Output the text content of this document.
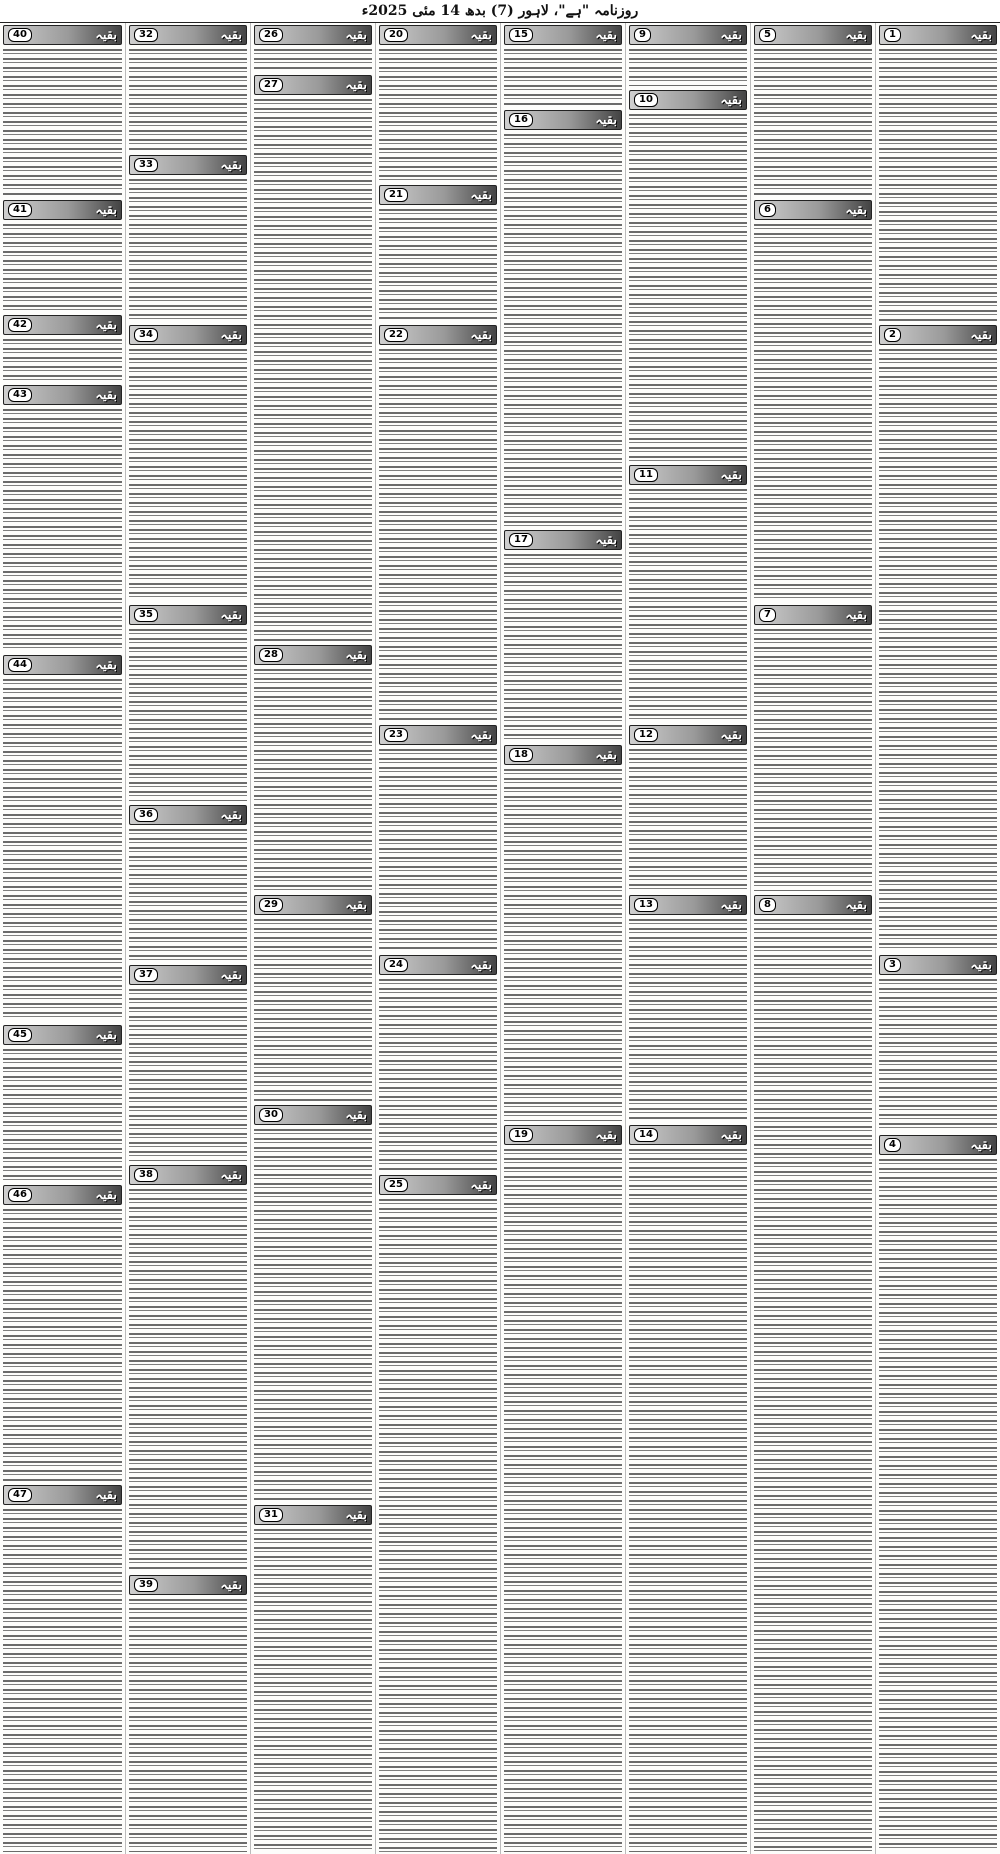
روزنامہ "ہے"، لاہور (7) بدھ 14 مئی 2025ء
1	بقیہ
2	بقیہ
3	بقیہ
4	بقیہ
5	بقیہ
6	بقیہ
7	بقیہ
8	بقیہ
9	بقیہ
10	بقیہ
11	بقیہ
12	بقیہ
13	بقیہ
14	بقیہ
15	بقیہ
16	بقیہ
17	بقیہ
18	بقیہ
19	بقیہ
20	بقیہ
21	بقیہ
22	بقیہ
23	بقیہ
24	بقیہ
25	بقیہ
26	بقیہ
27	بقیہ
28	بقیہ
29	بقیہ
30	بقیہ
31	بقیہ
32	بقیہ
33	بقیہ
34	بقیہ
35	بقیہ
36	بقیہ
37	بقیہ
38	بقیہ
39	بقیہ
40	بقیہ
41	بقیہ
42	بقیہ
43	بقیہ
44	بقیہ
45	بقیہ
46	بقیہ
47	بقیہ
